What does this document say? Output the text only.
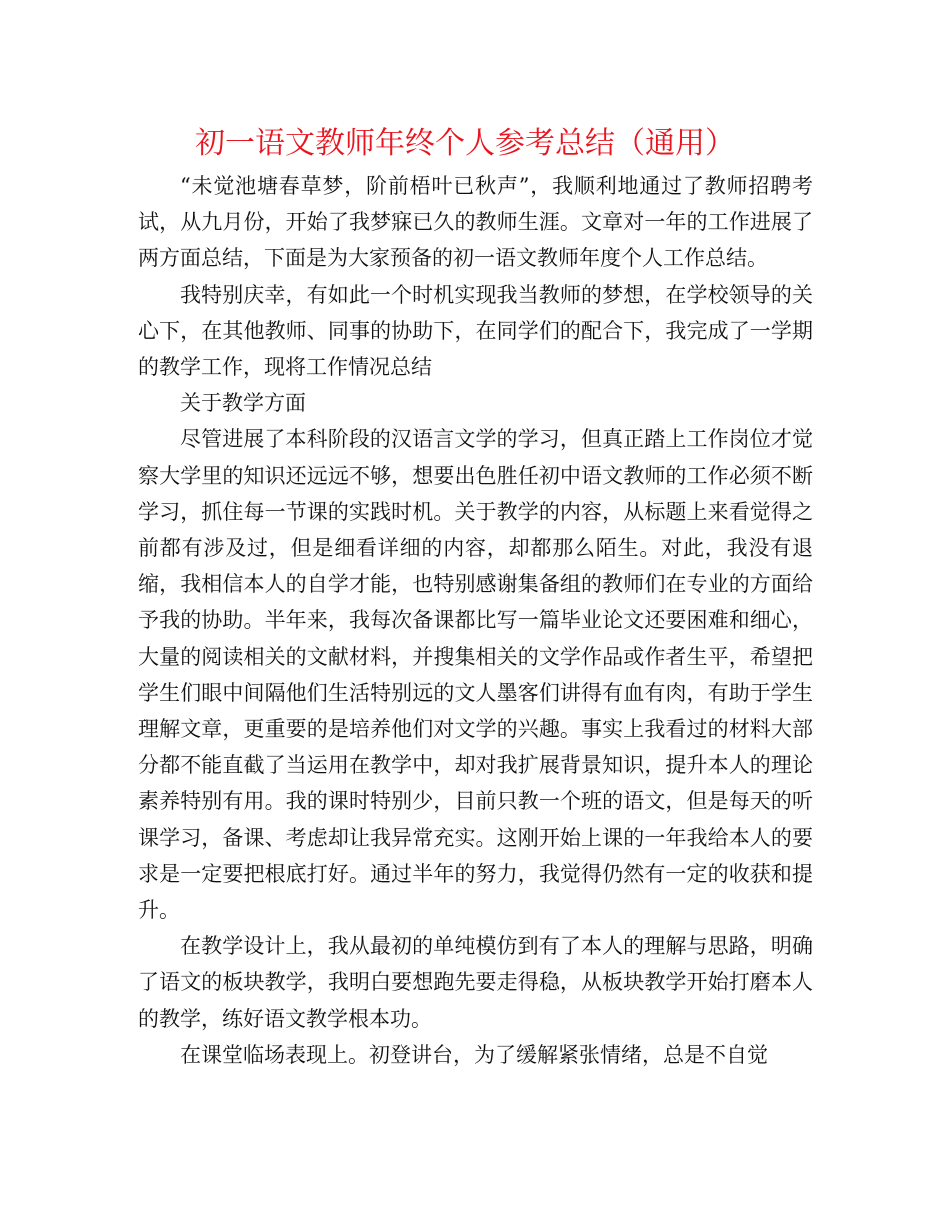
初一语文教师年终个人参考总结（通用）

“未觉池塘春草梦，阶前梧叶已秋声”，我顺利地通过了教师招聘考试，从九月份，开始了我梦寐已久的教师生涯。文章对一年的工作进展了两方面总结，下面是为大家预备的初一语文教师年度个人工作总结。

我特别庆幸，有如此一个时机实现我当教师的梦想，在学校领导的关心下，在其他教师、同事的协助下，在同学们的配合下，我完成了一学期的教学工作，现将工作情况总结

关于教学方面

尽管进展了本科阶段的汉语言文学的学习，但真正踏上工作岗位才觉察大学里的知识还远远不够，想要出色胜任初中语文教师的工作必须不断学习，抓住每一节课的实践时机。关于教学的内容，从标题上来看觉得之前都有涉及过，但是细看详细的内容，却都那么陌生。对此，我没有退缩，我相信本人的自学才能，也特别感谢集备组的教师们在专业的方面给予我的协助。半年来，我每次备课都比写一篇毕业论文还要困难和细心，大量的阅读相关的文献材料，并搜集相关的文学作品或作者生平，希望把学生们眼中间隔他们生活特别远的文人墨客们讲得有血有肉，有助于学生理解文章，更重要的是培养他们对文学的兴趣。事实上我看过的材料大部分都不能直截了当运用在教学中，却对我扩展背景知识，提升本人的理论素养特别有用。我的课时特别少，目前只教一个班的语文，但是每天的听课学习，备课、考虑却让我异常充实。这刚开始上课的一年我给本人的要求是一定要把根底打好。通过半年的努力，我觉得仍然有一定的收获和提升。

在教学设计上，我从最初的单纯模仿到有了本人的理解与思路，明确了语文的板块教学，我明白要想跑先要走得稳，从板块教学开始打磨本人的教学，练好语文教学根本功。

在课堂临场表现上。初登讲台，为了缓解紧张情绪，总是不自觉
